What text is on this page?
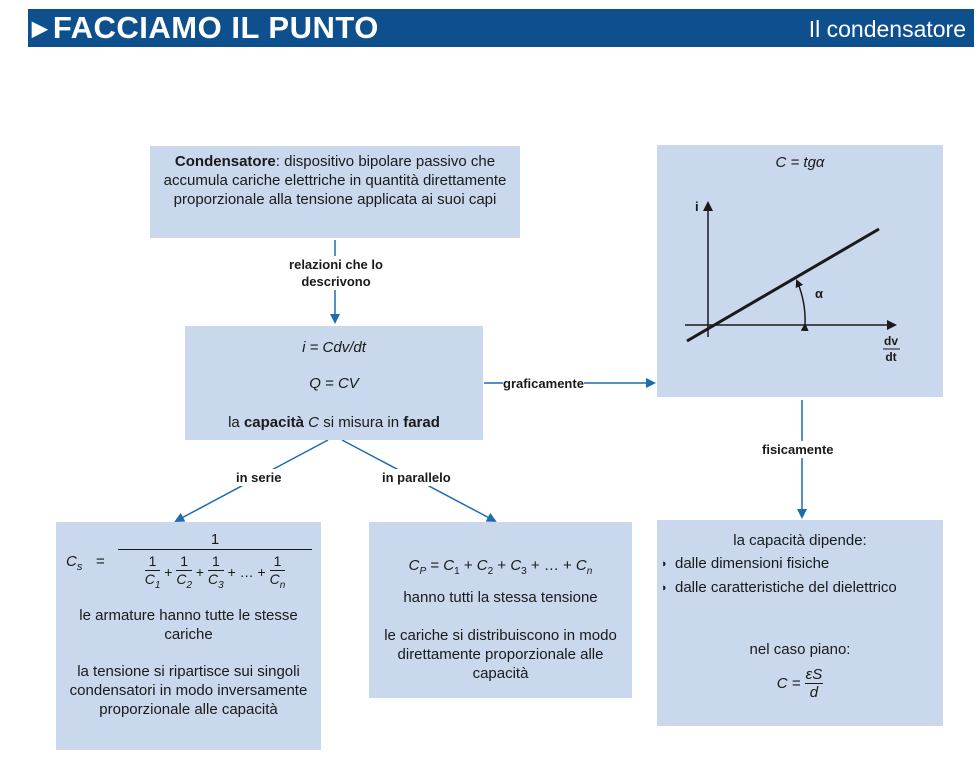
▶ FACCIAMO IL PUNTO	Il condensatore
Condensatore: dispositivo bipolare passivo che accumula cariche elettriche in quantità direttamente proporzionale alla tensione applicata ai suoi capi
relazioni che lo descrivono
i = Cdv/dt
Q = CV
la capacità C si misura in farad
graficamente
fisicamente
in serie	in parallelo
C = tgα
i
α
dv
dt
$C_s$ =
1
$\frac{1}{C_1} + \frac{1}{C_2} + \frac{1}{C_3}$ + … + $\frac{1}{C_n}$
le armature hanno tutte le stesse cariche
la tensione si ripartisce sui singoli condensatori in modo inversamente proporzionale alle capacità
$C_P = C_1 + C_2 + C_3$ + … + $C_n$
hanno tutti la stessa tensione
le cariche si distribuiscono in modo direttamente proporzionale alle capacità
la capacità dipende:
◗ dalle dimensioni fisiche
◗ dalle caratteristiche del dielettrico
nel caso piano:
$C = \frac{\varepsilon S}{d}$
